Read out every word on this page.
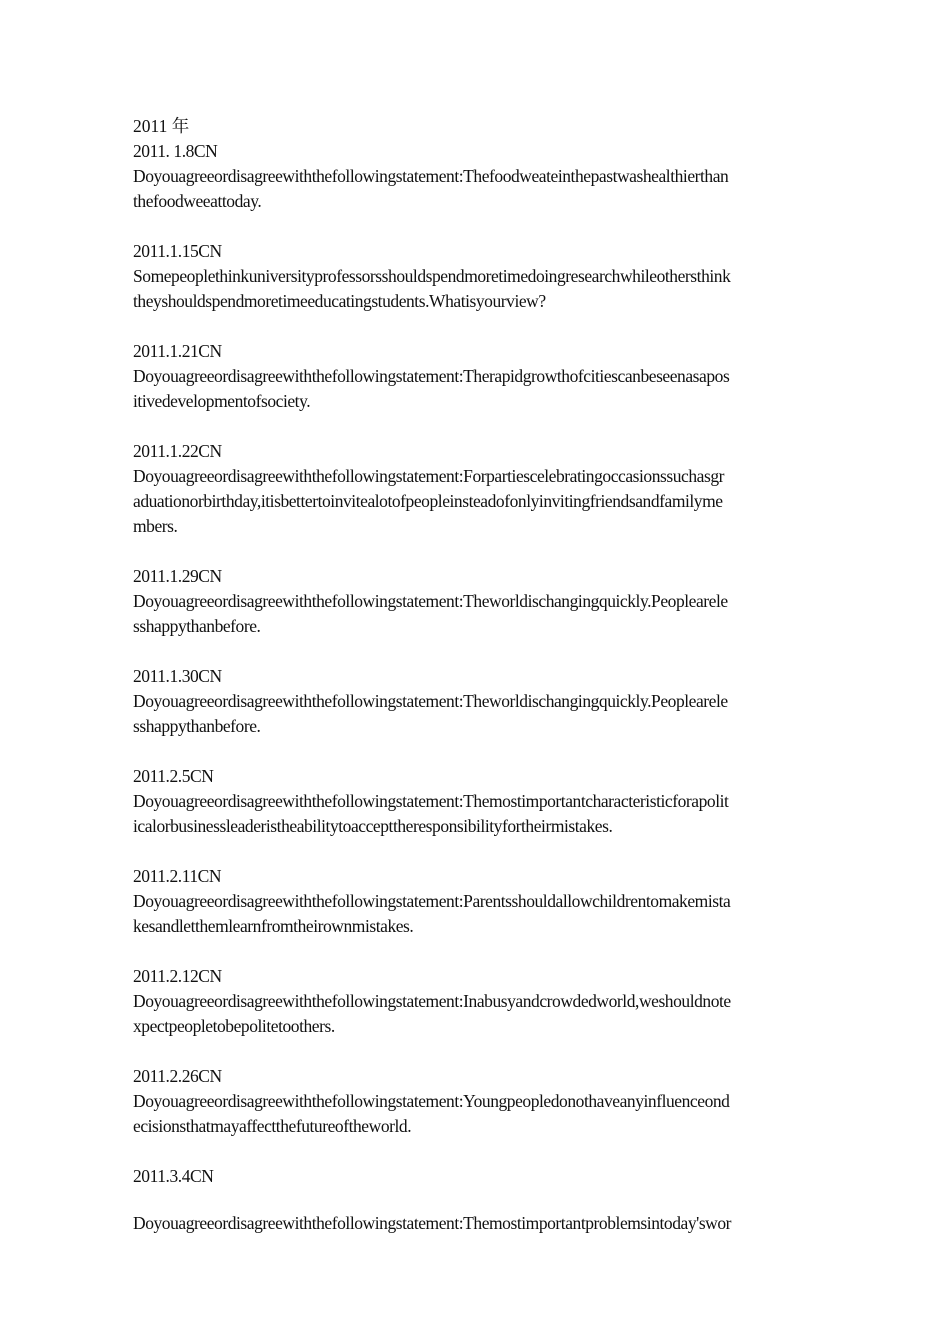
2011 年
2011. 1.8CN
Doyouagreeordisagreewiththefollowingstatement:Thefoodweateinthepastwashealthierthan
thefoodweeattoday.
2011.1.15CN
Somepeoplethinkuniversityprofessorsshouldspendmoretimedoingresearchwhileothersthink
theyshouldspendmoretimeeducatingstudents.Whatisyourview?
2011.1.21CN
Doyouagreeordisagreewiththefollowingstatement:Therapidgrowthofcitiescanbeseenasapos
itivedevelopmentofsociety.
2011.1.22CN
Doyouagreeordisagreewiththefollowingstatement:Forpartiescelebratingoccasionssuchasgr
aduationorbirthday,itisbettertoinvitealotofpeopleinsteadofonlyinvitingfriendsandfamilyme
mbers.
2011.1.29CN
Doyouagreeordisagreewiththefollowingstatement:Theworldischangingquickly.Peoplearele
sshappythanbefore.
2011.1.30CN
Doyouagreeordisagreewiththefollowingstatement:Theworldischangingquickly.Peoplearele
sshappythanbefore.
2011.2.5CN
Doyouagreeordisagreewiththefollowingstatement:Themostimportantcharacteristicforapolit
icalorbusinessleaderistheabilitytoaccepttheresponsibilityfortheirmistakes.
2011.2.11CN
Doyouagreeordisagreewiththefollowingstatement:Parentsshouldallowchildrentomakemista
kesandletthemlearnfromtheirownmistakes.
2011.2.12CN
Doyouagreeordisagreewiththefollowingstatement:Inabusyandcrowdedworld,weshouldnote
xpectpeopletobepolitetoothers.
2011.2.26CN
Doyouagreeordisagreewiththefollowingstatement:Youngpeopledonothaveanyinfluenceond
ecisionsthatmayaffectthefutureoftheworld.
2011.3.4CN
Doyouagreeordisagreewiththefollowingstatement:Themostimportantproblemsintoday'swor
